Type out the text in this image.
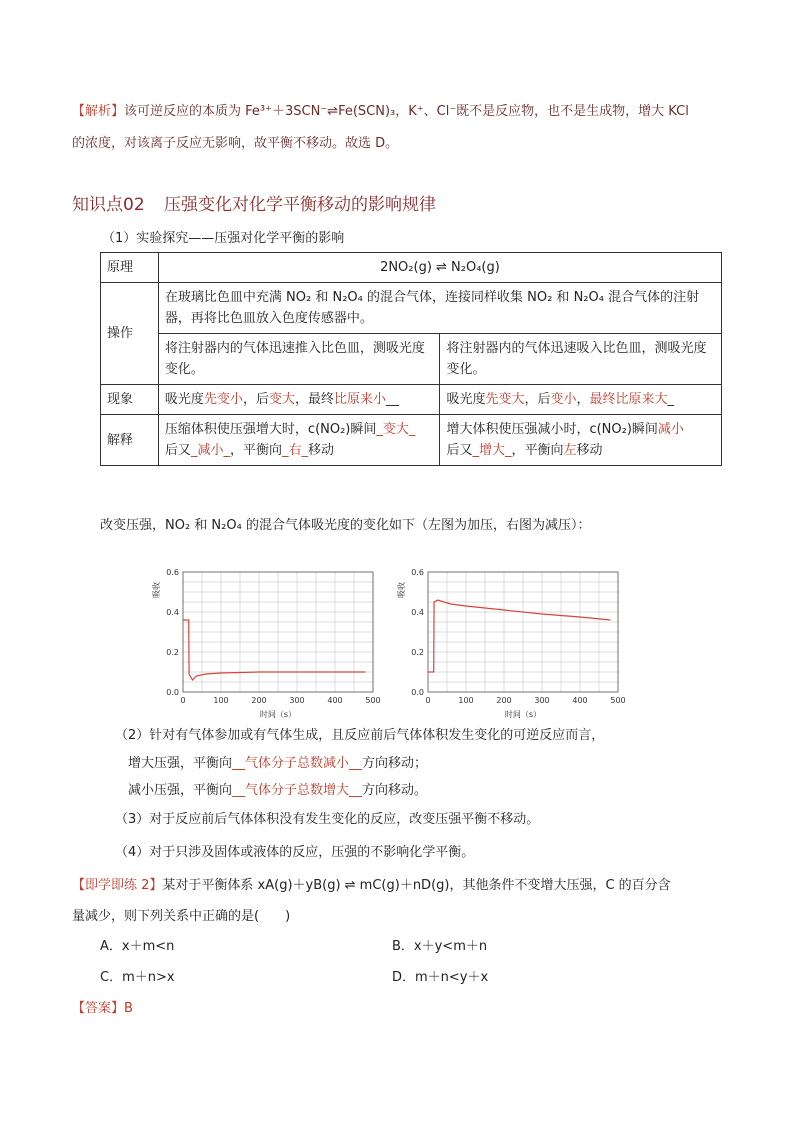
【解析】该可逆反应的本质为 Fe³⁺＋3SCN⁻⇌Fe(SCN)₃，K⁺、Cl⁻既不是反应物，也不是生成物，增大 KCl
的浓度，对该离子反应无影响，故平衡不移动。故选 D。
知识点02 压强变化对化学平衡移动的影响规律
（1）实验探究——压强对化学平衡的影响
原理	2NO₂(g) ⇌ N₂O₄(g)	
操作	在玻璃比色皿中充满 NO₂ 和 N₂O₄ 的混合气体，连接同样收集 NO₂ 和 N₂O₄ 混合气体的注射器，再将比色皿放入色度传感器中。	
	将注射器内的气体迅速推入比色皿，测吸光度变化。	将注射器内的气体迅速吸入比色皿，测吸光度变化。
现象	吸光度先变小，后变大，最终比原来小__	吸光度先变大，后变小，最终比原来大_
解释	压缩体积使压强增大时，c(NO₂)瞬间_变大_
后又_减小_，平衡向_右_移动	增大体积使压强减小时，c(NO₂)瞬间减小
后又_增大_，平衡向左移动
改变压强，NO₂ 和 N₂O₄ 的混合气体吸光度的变化如下（左图为加压，右图为减压）：
0	100	200	300	400	500
0.0
0.2
0.4
0.6
时间（s）
吸收
0	100	200	300	400	500
0.0
0.2
0.4
0.6
时间（s）
吸收
（2）针对有气体参加或有气体生成，且反应前后气体体积发生变化的可逆反应而言，
增大压强，平衡向__气体分子总数减小__方向移动；
减小压强，平衡向__气体分子总数增大__方向移动。
（3）对于反应前后气体体积没有发生变化的反应，改变压强平衡不移动。
（4）对于只涉及固体或液体的反应，压强的不影响化学平衡。
【即学即练 2】某对于平衡体系 xA(g)＋yB(g) ⇌ mC(g)＋nD(g)，其他条件不变增大压强，C 的百分含
量减少，则下列关系中正确的是(　　)
A．x＋m<n	B．x＋y<m＋n
C．m＋n>x	D．m＋n<y＋x
【答案】B
